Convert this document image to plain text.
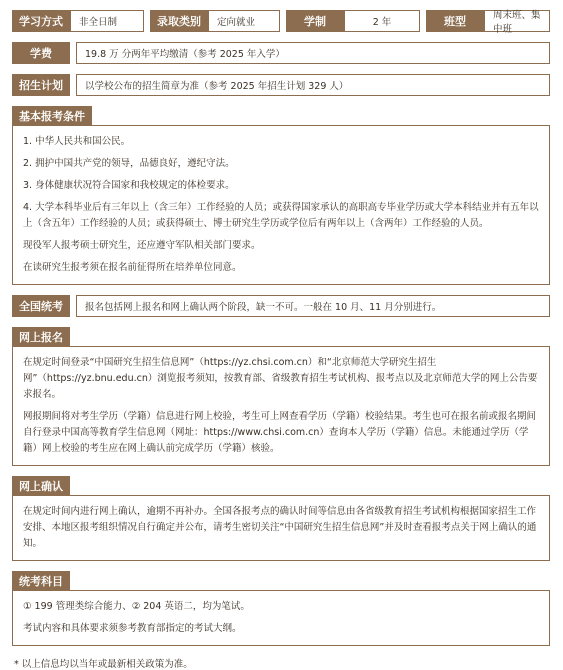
学习方式	非全日制	录取类别	定向就业	学制	2 年	班型	周末班、集中班
学费	19.8 万 分两年平均缴清（参考 2025 年入学）
招生计划	以学校公布的招生简章为准（参考 2025 年招生计划 329 人）
基本报考条件

1. 中华人民共和国公民。

2. 拥护中国共产党的领导，品德良好，遵纪守法。

3. 身体健康状况符合国家和我校规定的体检要求。

4. 大学本科毕业后有三年以上（含三年）工作经验的人员；或获得国家承认的高职高专毕业学历或大学本科结业并有五年以上（含五年）工作经验的人员；或获得硕士、博士研究生学历或学位后有两年以上（含两年）工作经验的人员。

现役军人报考硕士研究生，还应遵守军队相关部门要求。

在读研究生报考须在报名前征得所在培养单位同意。

全国统考	报名包括网上报名和网上确认两个阶段，缺一不可。一般在 10 月、11 月分别进行。
网上报名

在规定时间登录“中国研究生招生信息网”（https://yz.chsi.com.cn）和“北京师范大学研究生招生网”（https://yz.bnu.edu.cn）浏览报考须知，按教育部、省级教育招生考试机构、报考点以及北京师范大学的网上公告要求报名。

网报期间将对考生学历（学籍）信息进行网上校验，考生可上网查看学历（学籍）校验结果。考生也可在报名前或报名期间自行登录中国高等教育学生信息网（网址：https://www.chsi.com.cn）查询本人学历（学籍）信息。未能通过学历（学籍）网上校验的考生应在网上确认前完成学历（学籍）核验。

网上确认

在规定时间内进行网上确认，逾期不再补办。全国各报考点的确认时间等信息由各省级教育招生考试机构根据国家招生工作安排、本地区报考组织情况自行确定并公布，请考生密切关注“中国研究生招生信息网”并及时查看报考点关于网上确认的通知。

统考科目

① 199 管理类综合能力、② 204 英语二，均为笔试。

考试内容和具体要求须参考教育部指定的考试大纲。

* 以上信息均以当年或最新相关政策为准。
